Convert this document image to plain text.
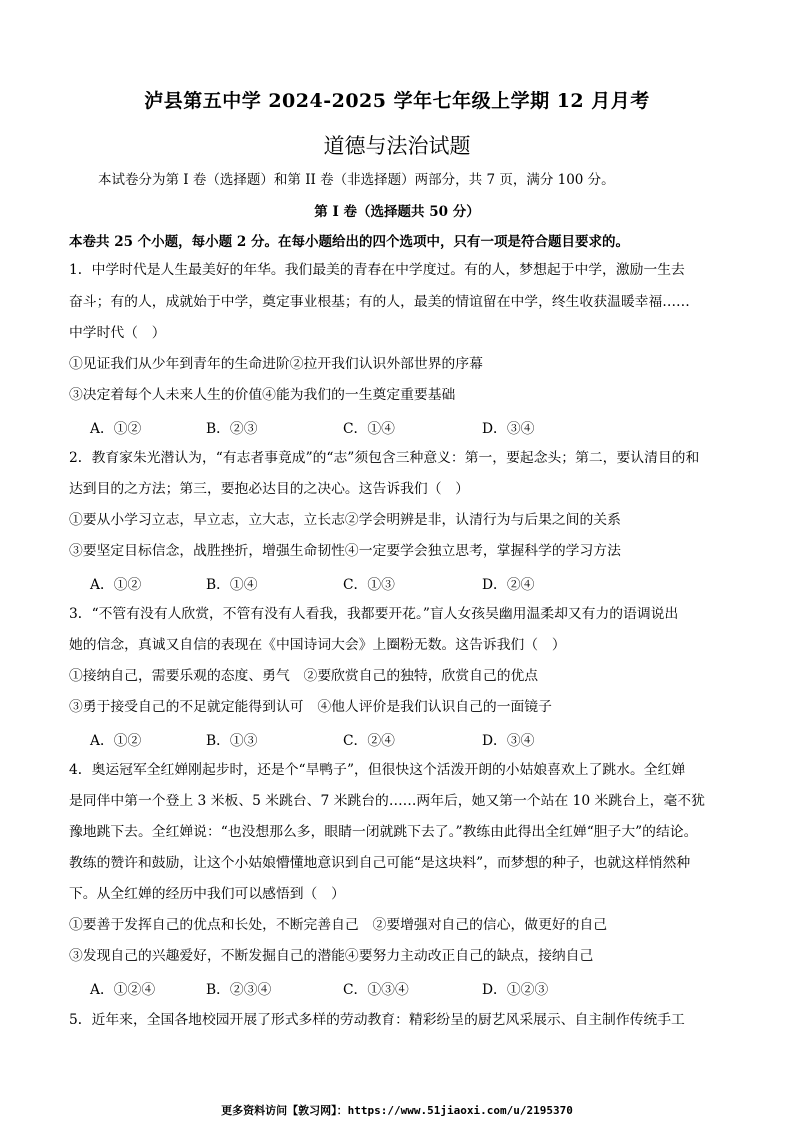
泸县第五中学 2024-2025 学年七年级上学期 12 月月考
道德与法治试题
本试卷分为第 I 卷（选择题）和第 II 卷（非选择题）两部分，共 7 页，满分 100 分。
第 I 卷（选择题共 50 分）
本卷共 25 个小题，每小题 2 分。在每小题给出的四个选项中，只有一项是符合题目要求的。
1．中学时代是人生最美好的年华。我们最美的青春在中学度过。有的人，梦想起于中学，激励一生去
奋斗；有的人，成就始于中学，奠定事业根基；有的人，最美的情谊留在中学，终生收获温暖幸福……
中学时代（　）
①见证我们从少年到青年的生命进阶②拉开我们认识外部世界的序幕
③决定着每个人未来人生的价值④能为我们的一生奠定重要基础
A．①②	B．②③	C．①④	D．③④
2．教育家朱光潜认为，“有志者事竟成”的“志”须包含三种意义：第一，要起念头；第二，要认清目的和
达到目的之方法；第三，要抱必达目的之决心。这告诉我们（　）
①要从小学习立志，早立志，立大志，立长志②学会明辨是非，认清行为与后果之间的关系
③要坚定目标信念，战胜挫折，增强生命韧性④一定要学会独立思考，掌握科学的学习方法
A．①②	B．①④	C．①③	D．②④
3．“不管有没有人欣赏，不管有没有人看我，我都要开花。”盲人女孩吴幽用温柔却又有力的语调说出
她的信念，真诚又自信的表现在《中国诗词大会》上圈粉无数。这告诉我们（　）
①接纳自己，需要乐观的态度、勇气　②要欣赏自己的独特，欣赏自己的优点
③勇于接受自己的不足就定能得到认可　④他人评价是我们认识自己的一面镜子
A．①②	B．①③	C．②④	D．③④
4．奥运冠军全红婵刚起步时，还是个“旱鸭子”，但很快这个活泼开朗的小姑娘喜欢上了跳水。全红婵
是同伴中第一个登上 3 米板、5 米跳台、7 米跳台的……两年后，她又第一个站在 10 米跳台上，毫不犹
豫地跳下去。全红婵说：“也没想那么多，眼睛一闭就跳下去了。”教练由此得出全红婵“胆子大”的结论。
教练的赞许和鼓励，让这个小姑娘懵懂地意识到自己可能“是这块料”，而梦想的种子，也就这样悄然种
下。从全红婵的经历中我们可以感悟到（　）
①要善于发挥自己的优点和长处，不断完善自己　②要增强对自己的信心，做更好的自己
③发现自己的兴趣爱好，不断发掘自己的潜能④要努力主动改正自己的缺点，接纳自己
A．①②④	B．②③④	C．①③④	D．①②③
5．近年来，全国各地校园开展了形式多样的劳动教育：精彩纷呈的厨艺风采展示、自主制作传统手工
更多资料访问【敦习网】：https://www.51jiaoxi.com/u/2195370
